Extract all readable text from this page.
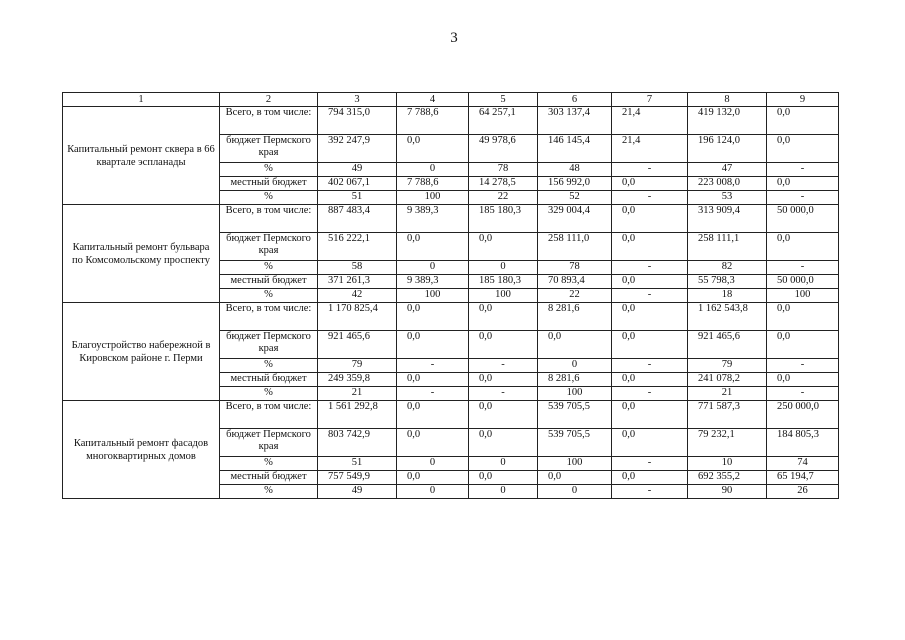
3
1	2	3	4	5	6	7	8	9
Капитальный ремонт сквера в 66 квартале эспланады	Всего, в том числе:	794 315,0	7 788,6	64 257,1	303 137,4	21,4	419 132,0	0,0
	бюджет Пермского края	392 247,9	0,0	49 978,6	146 145,4	21,4	196 124,0	0,0
	%	49	0	78	48	-	47	-
	местный бюджет	402 067,1	7 788,6	14 278,5	156 992,0	0,0	223 008,0	0,0
	%	51	100	22	52	-	53	-
Капитальный ремонт бульвара по Комсомольскому проспекту	Всего, в том числе:	887 483,4	9 389,3	185 180,3	329 004,4	0,0	313 909,4	50 000,0
	бюджет Пермского края	516 222,1	0,0	0,0	258 111,0	0,0	258 111,1	0,0
	%	58	0	0	78	-	82	-
	местный бюджет	371 261,3	9 389,3	185 180,3	70 893,4	0,0	55 798,3	50 000,0
	%	42	100	100	22	-	18	100
Благоустройство набережной в Кировском районе г. Перми	Всего, в том числе:	1 170 825,4	0,0	0,0	8 281,6	0,0	1 162 543,8	0,0
	бюджет Пермского края	921 465,6	0,0	0,0	0,0	0,0	921 465,6	0,0
	%	79	-	-	0	-	79	-
	местный бюджет	249 359,8	0,0	0,0	8 281,6	0,0	241 078,2	0,0
	%	21	-	-	100	-	21	-
Капитальный ремонт фасадов многоквартирных домов	Всего, в том числе:	1 561 292,8	0,0	0,0	539 705,5	0,0	771 587,3	250 000,0
	бюджет Пермского края	803 742,9	0,0	0,0	539 705,5	0,0	79 232,1	184 805,3
	%	51	0	0	100	-	10	74
	местный бюджет	757 549,9	0,0	0,0	0,0	0,0	692 355,2	65 194,7
	%	49	0	0	0	-	90	26
